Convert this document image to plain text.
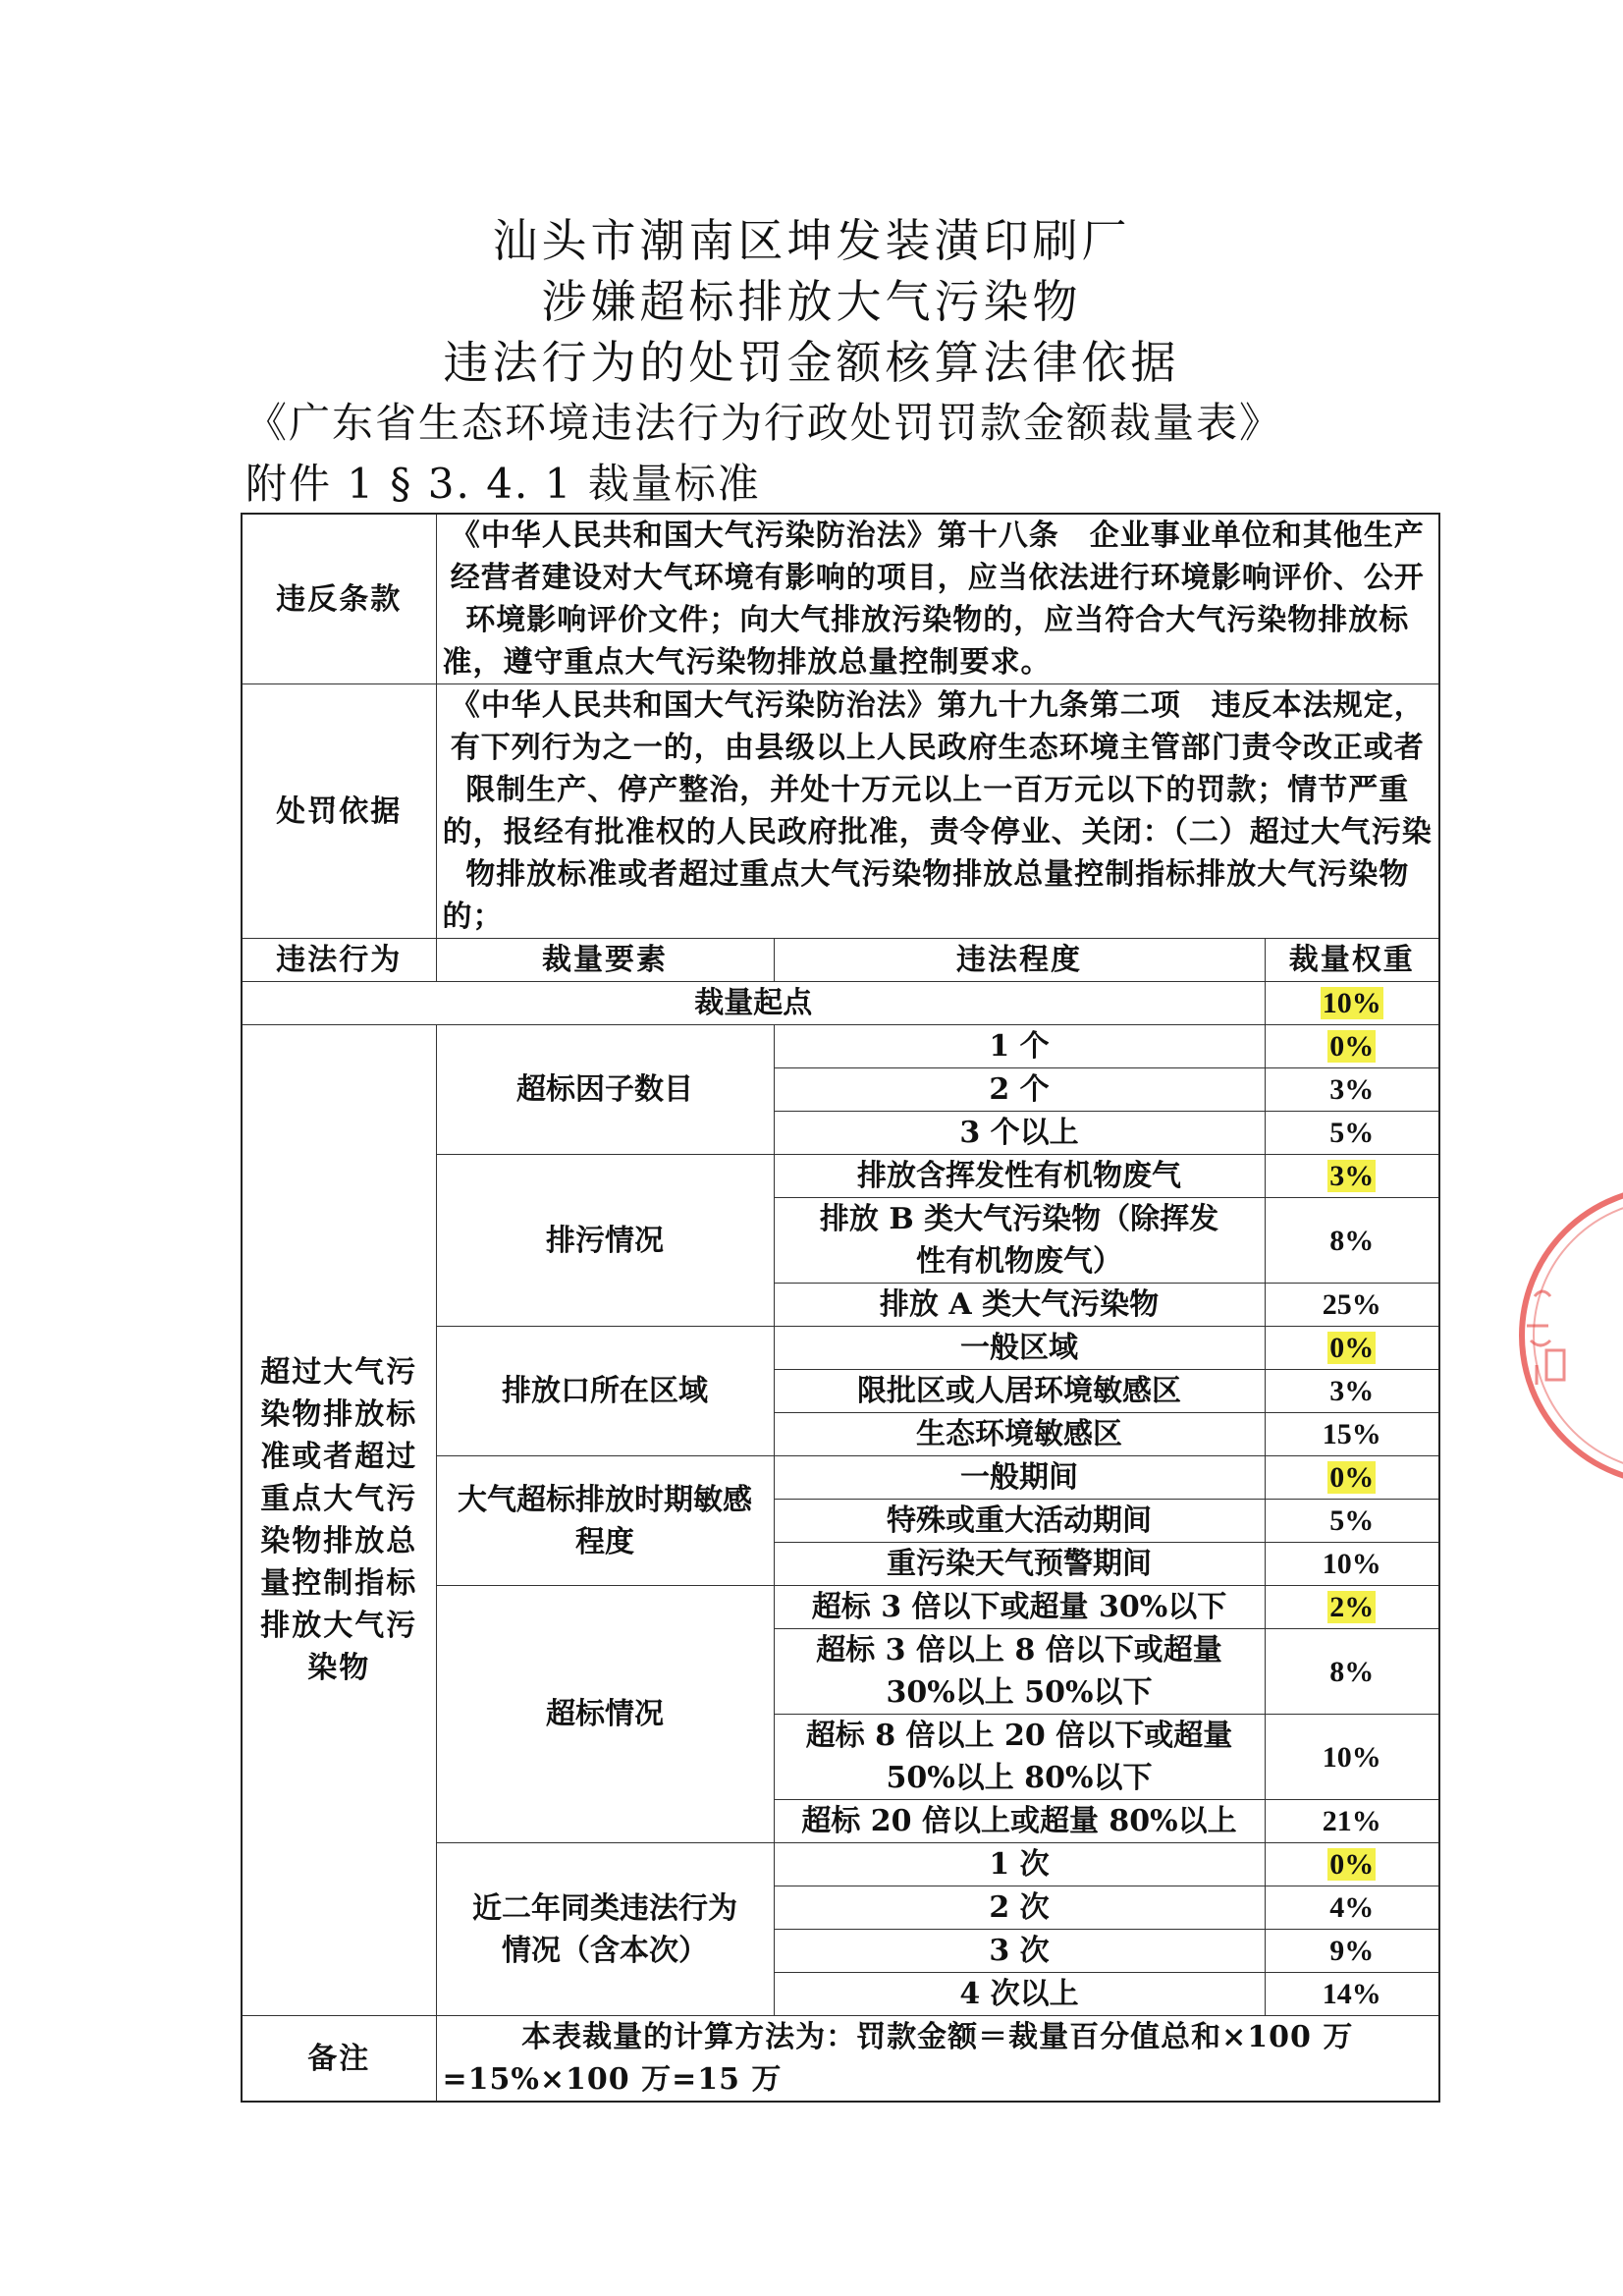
汕头市潮南区坤发装潢印刷厂
涉嫌超标排放大气污染物
违法行为的处罚金额核算法律依据
《广东省生态环境违法行为行政处罚罚款金额裁量表》
附件 1 § 3. 4. 1 裁量标准
违反条款	《中华人民共和国大气污染防治法》第十八条　企业事业单位和其他生产经营者建设对大气环境有影响的项目，应当依法进行环境影响评价、公开环境影响评价文件；向大气排放污染物的，应当符合大气污染物排放标准，遵守重点大气污染物排放总量控制要求。		
处罚依据	《中华人民共和国大气污染防治法》第九十九条第二项　违反本法规定，有下列行为之一的，由县级以上人民政府生态环境主管部门责令改正或者限制生产、停产整治，并处十万元以上一百万元以下的罚款；情节严重的，报经有批准权的人民政府批准，责令停业、关闭：（二）超过大气污染物排放标准或者超过重点大气污染物排放总量控制指标排放大气污染物的；		
违法行为	裁量要素	违法程度	裁量权重
裁量起点			10%
超过大气污染物排放标准或者超过重点大气污染物排放总量控制指标排放大气污染物	超标因子数目	1 个	0%
		2 个	3%
		3 个以上	5%
	排污情况	排放含挥发性有机物废气	3%
		排放 B 类大气污染物（除挥发性有机物废气）	8%
		排放 A 类大气污染物	25%
	排放口所在区域	一般区域	0%
		限批区或人居环境敏感区	3%
		生态环境敏感区	15%
	大气超标排放时期敏感程度	一般期间	0%
		特殊或重大活动期间	5%
		重污染天气预警期间	10%
	超标情况	超标 3 倍以下或超量 30%以下	2%
		超标 3 倍以上 8 倍以下或超量 30%以上 50%以下	8%
		超标 8 倍以上 20 倍以下或超量 50%以上 80%以下	10%
		超标 20 倍以上或超量 80%以上	21%
	近二年同类违法行为情况（含本次）	1 次	0%
		2 次	4%
		3 次	9%
		4 次以上	14%
备注	本表裁量的计算方法为：罚款金额＝裁量百分值总和×100 万=15%×100 万=15 万		
